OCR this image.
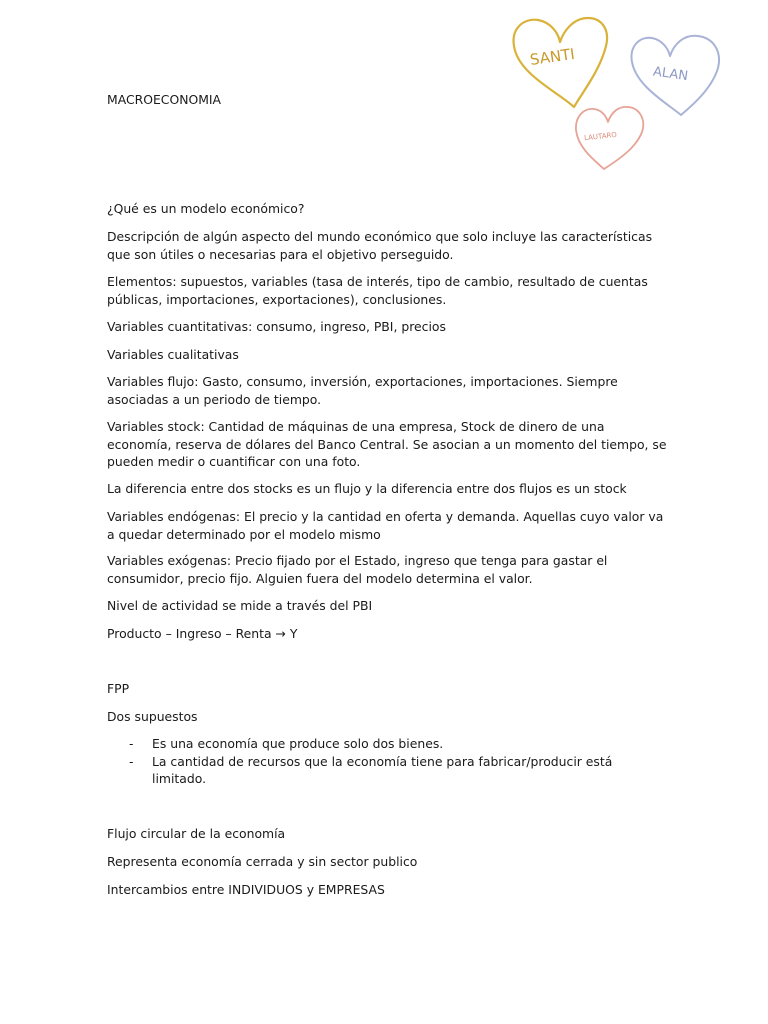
MACROECONOMIA

¿Qué es un modelo económico?

Descripción de algún aspecto del mundo económico que solo incluye las características que son útiles o necesarias para el objetivo perseguido.

Elementos: supuestos, variables (tasa de interés, tipo de cambio, resultado de cuentas públicas, importaciones, exportaciones), conclusiones.

Variables cuantitativas: consumo, ingreso, PBI, precios

Variables cualitativas

Variables flujo: Gasto, consumo, inversión, exportaciones, importaciones. Siempre asociadas a un periodo de tiempo.

Variables stock: Cantidad de máquinas de una empresa, Stock de dinero de una economía, reserva de dólares del Banco Central. Se asocian a un momento del tiempo, se pueden medir o cuantificar con una foto.

La diferencia entre dos stocks es un flujo y la diferencia entre dos flujos es un stock

Variables endógenas: El precio y la cantidad en oferta y demanda. Aquellas cuyo valor va a quedar determinado por el modelo mismo

Variables exógenas: Precio fijado por el Estado, ingreso que tenga para gastar el consumidor, precio fijo. Alguien fuera del modelo determina el valor.

Nivel de actividad se mide a través del PBI

Producto – Ingreso – Renta → Y

FPP

Dos supuestos

- Es una economía que produce solo dos bienes.
- La cantidad de recursos que la economía tiene para fabricar/producir está limitado.

Flujo circular de la economía

Representa economía cerrada y sin sector publico

Intercambios entre INDIVIDUOS y EMPRESAS

SANTI
ALAN
LAUTARO
